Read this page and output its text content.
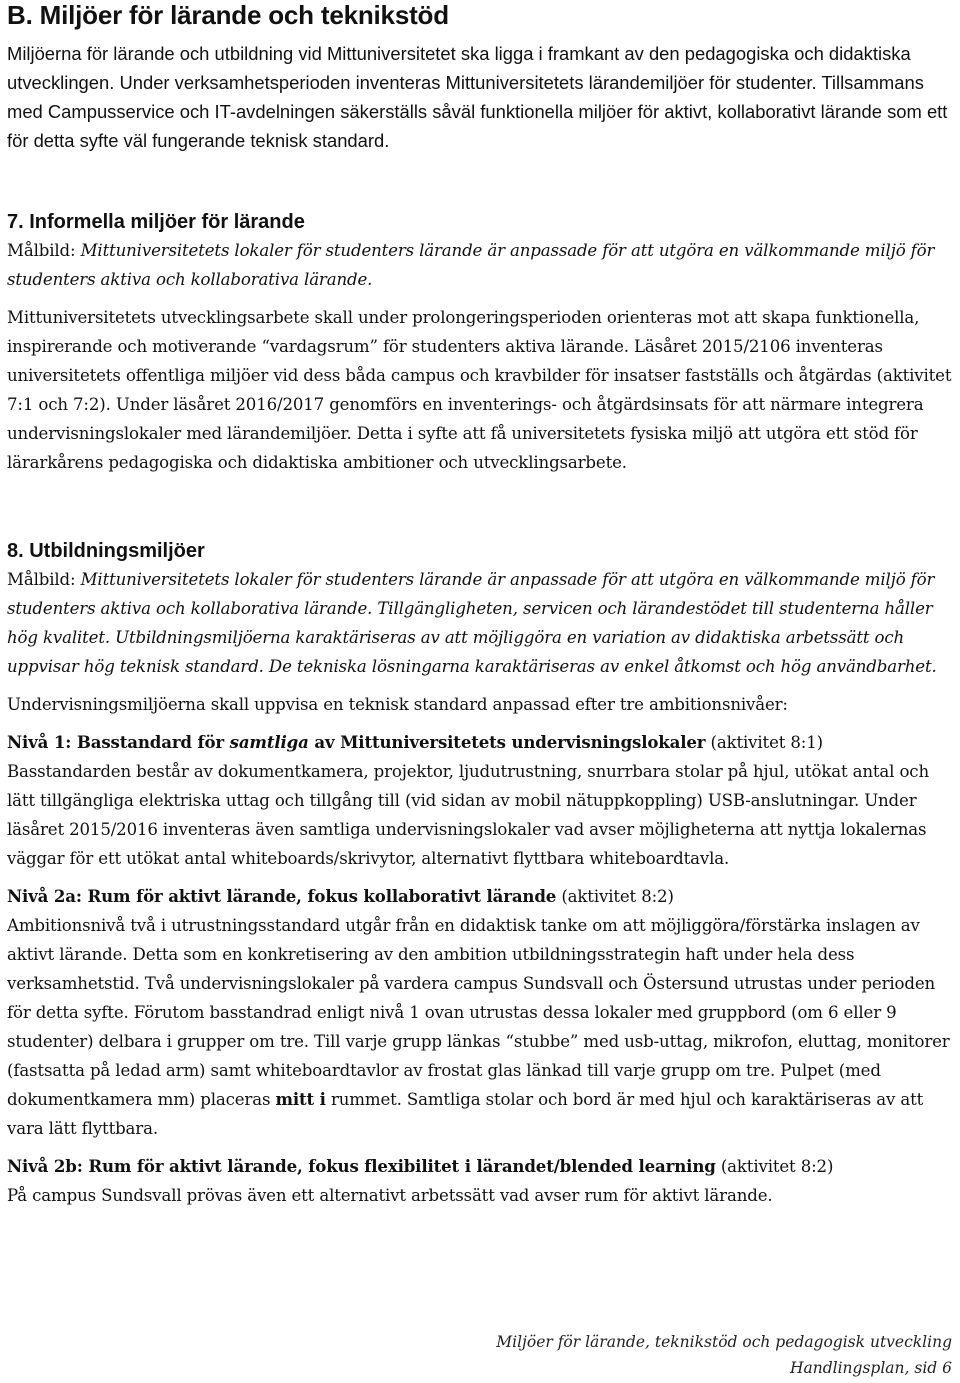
B. Miljöer för lärande och teknikstöd

Miljöerna för lärande och utbildning vid Mittuniversitetet ska ligga i framkant av den pedagogiska och didaktiska utvecklingen. Under verksamhetsperioden inventeras Mittuniversitetets lärandemiljöer för studenter. Tillsammans med Campusservice och IT-avdelningen säkerställs såväl funktionella miljöer för aktivt, kollaborativt lärande som ett för detta syfte väl fungerande teknisk standard.

7. Informella miljöer för lärande

Målbild: Mittuniversitetets lokaler för studenters lärande är anpassade för att utgöra en välkommande miljö för studenters aktiva och kollaborativa lärande.

Mittuniversitetets utvecklingsarbete skall under prolongeringsperioden orienteras mot att skapa funktionella, inspirerande och motiverande “vardagsrum” för studenters aktiva lärande. Läsåret 2015/2106 inventeras universitetets offentliga miljöer vid dess båda campus och kravbilder för insatser fastställs och åtgärdas (aktivitet 7:1 och 7:2). Under läsåret 2016/2017 genomförs en inventerings- och åtgärdsinsats för att närmare integrera undervisningslokaler med lärandemiljöer. Detta i syfte att få universitetets fysiska miljö att utgöra ett stöd för lärarkårens pedagogiska och didaktiska ambitioner och utvecklingsarbete.

8. Utbildningsmiljöer

Målbild: Mittuniversitetets lokaler för studenters lärande är anpassade för att utgöra en välkommande miljö för studenters aktiva och kollaborativa lärande. Tillgängligheten, servicen och lärandestödet till studenterna håller hög kvalitet. Utbildningsmiljöerna karaktäriseras av att möjliggöra en variation av didaktiska arbetssätt och uppvisar hög teknisk standard. De tekniska lösningarna karaktäriseras av enkel åtkomst och hög användbarhet.

Undervisningsmiljöerna skall uppvisa en teknisk standard anpassad efter tre ambitionsnivåer:

Nivå 1: Basstandard för samtliga av Mittuniversitetets undervisningslokaler (aktivitet 8:1)
Basstandarden består av dokumentkamera, projektor, ljudutrustning, snurrbara stolar på hjul, utökat antal och lätt tillgängliga elektriska uttag och tillgång till (vid sidan av mobil nätuppkoppling) USB-anslutningar. Under läsåret 2015/2016 inventeras även samtliga undervisningslokaler vad avser möjligheterna att nyttja lokalernas väggar för ett utökat antal whiteboards/skrivytor, alternativt flyttbara whiteboardtavla.

Nivå 2a: Rum för aktivt lärande, fokus kollaborativt lärande (aktivitet 8:2)
Ambitionsnivå två i utrustningsstandard utgår från en didaktisk tanke om att möjliggöra/förstärka inslagen av aktivt lärande. Detta som en konkretisering av den ambition utbildningsstrategin haft under hela dess verksamhetstid. Två undervisningslokaler på vardera campus Sundsvall och Östersund utrustas under perioden för detta syfte. Förutom basstandrad enligt nivå 1 ovan utrustas dessa lokaler med gruppbord (om 6 eller 9 studenter) delbara i grupper om tre. Till varje grupp länkas “stubbe” med usb-uttag, mikrofon, eluttag, monitorer (fastsatta på ledad arm) samt whiteboardtavlor av frostat glas länkad till varje grupp om tre. Pulpet (med dokumentkamera mm) placeras mitt i rummet. Samtliga stolar och bord är med hjul och karaktäriseras av att vara lätt flyttbara.

Nivå 2b: Rum för aktivt lärande, fokus flexibilitet i lärandet/blended learning (aktivitet 8:2)
På campus Sundsvall prövas även ett alternativt arbetssätt vad avser rum för aktivt lärande.

Miljöer för lärande, teknikstöd och pedagogisk utveckling
Handlingsplan, sid 6
